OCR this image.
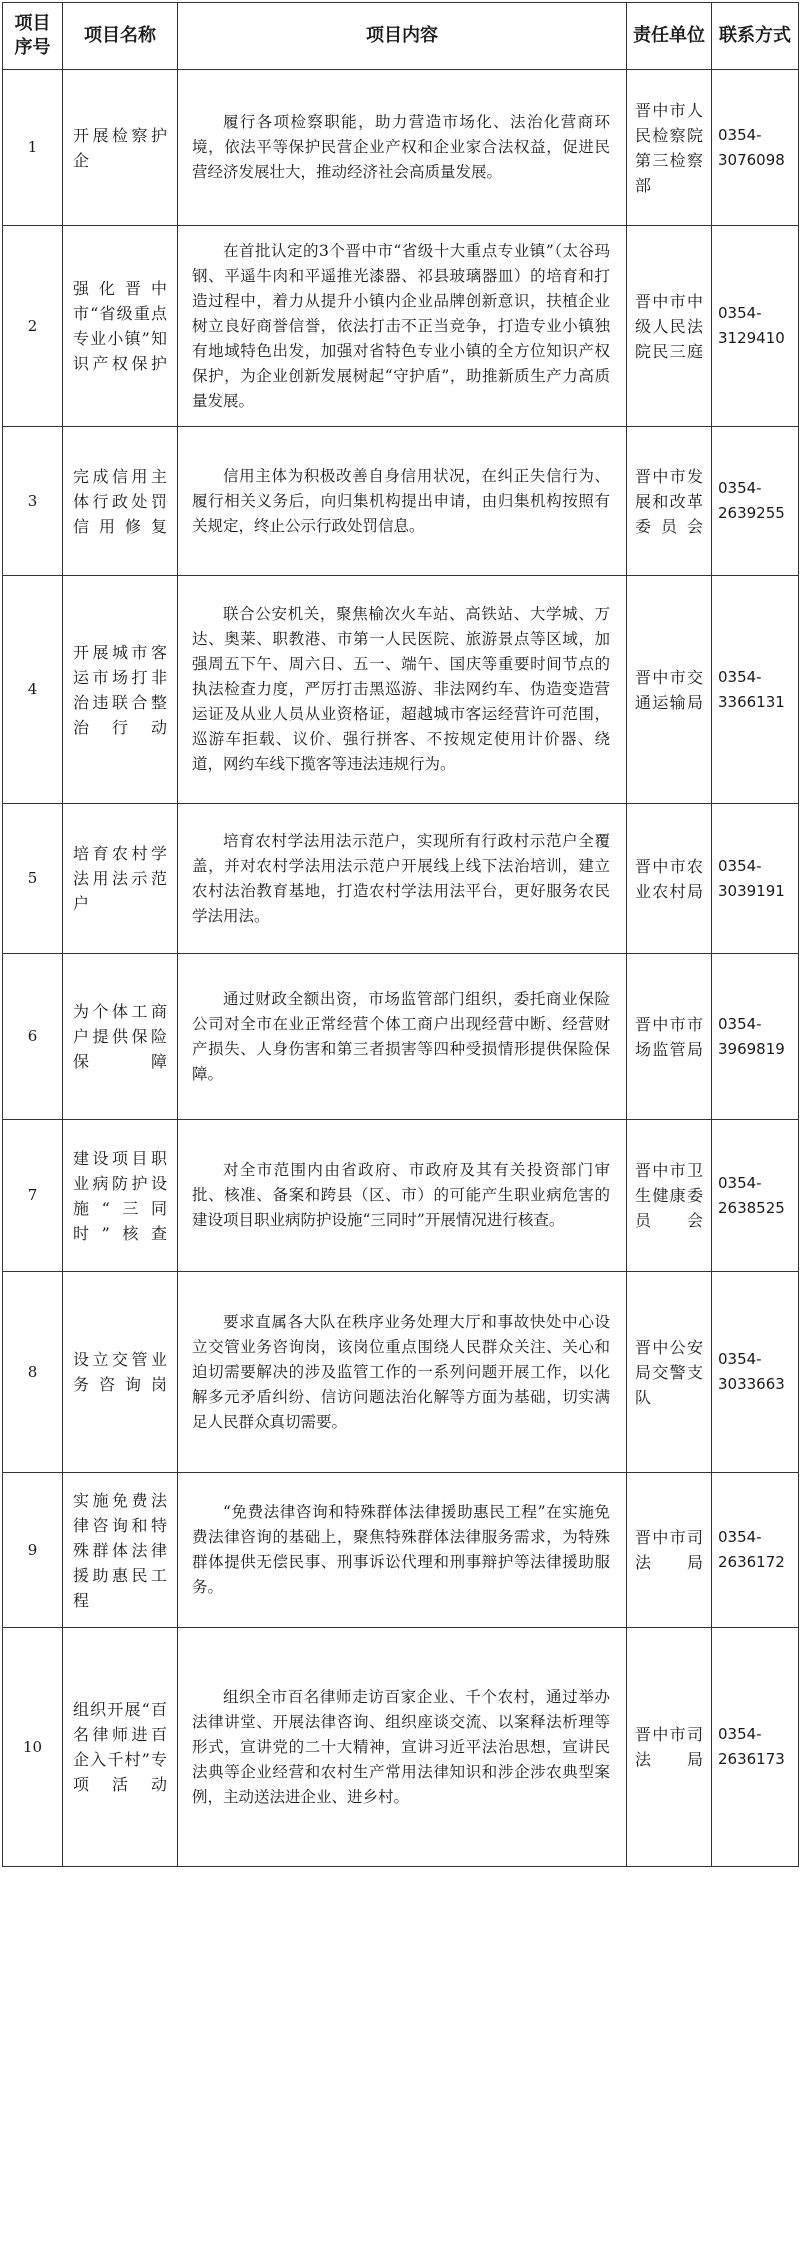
项目序号	项目名称	项目内容	责任单位	联系方式
1	开展检察护企	履行各项检察职能，助力营造市场化、法治化营商环境，依法平等保护民营企业产权和企业家合法权益，促进民营经济发展壮大，推动经济社会高质量发展。	晋中市人民检察院第三检察部	0354-3076098
2	强化晋中市“省级重点专业小镇”知识产权保护	在首批认定的3个晋中市“省级十大重点专业镇”（太谷玛钢、平遥牛肉和平遥推光漆器、祁县玻璃器皿）的培育和打造过程中，着力从提升小镇内企业品牌创新意识，扶植企业树立良好商誉信誉，依法打击不正当竞争，打造专业小镇独有地域特色出发，加强对省特色专业小镇的全方位知识产权保护，为企业创新发展树起“守护盾”，助推新质生产力高质量发展。	晋中市中级人民法院民三庭	0354-3129410
3	完成信用主体行政处罚信用修复	信用主体为积极改善自身信用状况，在纠正失信行为、履行相关义务后，向归集机构提出申请，由归集机构按照有关规定，终止公示行政处罚信息。	晋中市发展和改革委员会	0354-2639255
4	开展城市客运市场打非治违联合整治行动	联合公安机关，聚焦榆次火车站、高铁站、大学城、万达、奥莱、职教港、市第一人民医院、旅游景点等区域，加强周五下午、周六日、五一、端午、国庆等重要时间节点的执法检查力度，严厉打击黑巡游、非法网约车、伪造变造营运证及从业人员从业资格证，超越城市客运经营许可范围，巡游车拒载、议价、强行拼客、不按规定使用计价器、绕道，网约车线下揽客等违法违规行为。	晋中市交通运输局	0354-3366131
5	培育农村学法用法示范户	培育农村学法用法示范户，实现所有行政村示范户全覆盖，并对农村学法用法示范户开展线上线下法治培训，建立农村法治教育基地，打造农村学法用法平台，更好服务农民学法用法。	晋中市农业农村局	0354-3039191
6	为个体工商户提供保险保障	通过财政全额出资，市场监管部门组织，委托商业保险公司对全市在业正常经营个体工商户出现经营中断、经营财产损失、人身伤害和第三者损害等四种受损情形提供保险保障。	晋中市市场监管局	0354-3969819
7	建设项目职业病防护设施“三同时”核查	对全市范围内由省政府、市政府及其有关投资部门审批、核准、备案和跨县（区、市）的可能产生职业病危害的建设项目职业病防护设施“三同时”开展情况进行核查。	晋中市卫生健康委员会	0354-2638525
8	设立交管业务咨询岗	要求直属各大队在秩序业务处理大厅和事故快处中心设立交管业务咨询岗，该岗位重点围绕人民群众关注、关心和迫切需要解决的涉及监管工作的一系列问题开展工作，以化解多元矛盾纠纷、信访问题法治化解等方面为基础，切实满足人民群众真切需要。	晋中公安局交警支队	0354-3033663
9	实施免费法律咨询和特殊群体法律援助惠民工程	“免费法律咨询和特殊群体法律援助惠民工程”在实施免费法律咨询的基础上，聚焦特殊群体法律服务需求，为特殊群体提供无偿民事、刑事诉讼代理和刑事辩护等法律援助服务。	晋中市司法局	0354-2636172
10	组织开展“百名律师进百企入千村”专项活动	组织全市百名律师走访百家企业、千个农村，通过举办法律讲堂、开展法律咨询、组织座谈交流、以案释法析理等形式，宣讲党的二十大精神，宣讲习近平法治思想，宣讲民法典等企业经营和农村生产常用法律知识和涉企涉农典型案例，主动送法进企业、进乡村。	晋中市司法局	0354-2636173
